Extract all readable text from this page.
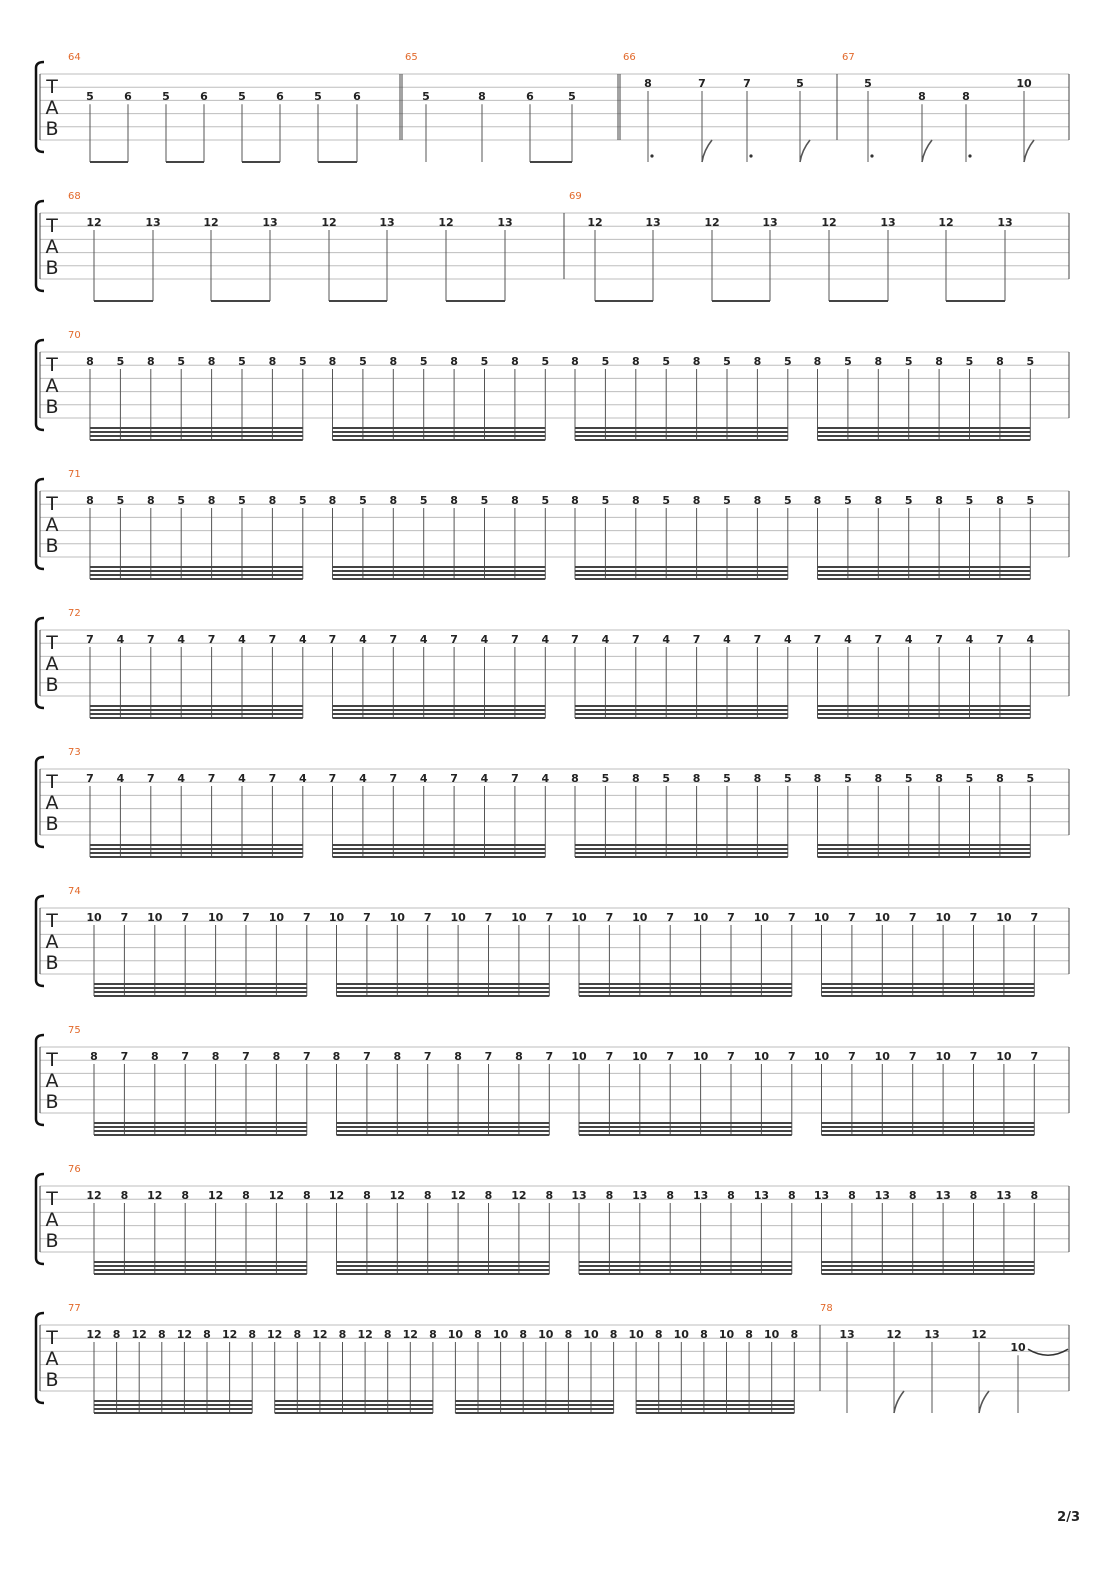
T
A
B
64
5	6	5	6	5	6	5	6
65
5	8	6	5
66
8	7	7	5
67
5
8	8
10
T
A
B
68
12	13	12	13	12	13	12	13
69
12	13	12	13	12	13	12	13
T
A
B
70
8 5 8 5 8 5 8 5 8 5 8 5 8 5 8 5 8 5 8 5 8 5 8 5 8 5 8 5 8 5 8 5
T
A
B
71
8 5 8 5 8 5 8 5 8 5 8 5 8 5 8 5 8 5 8 5 8 5 8 5 8 5 8 5 8 5 8 5
T
A
B
72
7 4 7 4 7 4 7 4 7 4 7 4 7 4 7 4 7 4 7 4 7 4 7 4 7 4 7 4 7 4 7 4
T
A
B
73
7 4 7 4 7 4 7 4 7 4 7 4 7 4 7 4 8 5 8 5 8 5 8 5 8 5 8 5 8 5 8 5
T
A
B
74
10 7 10 7 10 7 10 7 10 7 10 7 10 7 10 7 10 7 10 7 10 7 10 7 10 7 10 7 10 7 10 7
T
A
B
75
8 7 8 7 8 7 8 7 8 7 8 7 8 7 8 7 10 7 10 7 10 7 10 7 10 7 10 7 10 7 10 7
T
A
B
76
12 8 12 8 12 8 12 8 12 8 12 8 12 8 12 8 13 8 13 8 13 8 13 8 13 8 13 8 13 8 13 8
T
A
B
77
12 8 12 8 12 8 12 8 12 8 12 8 12 8 12 8 10 8 10 8 10 8 10 8 10 8 10 8 10 8 10 8
78
13	12 13	12
10
2/3
